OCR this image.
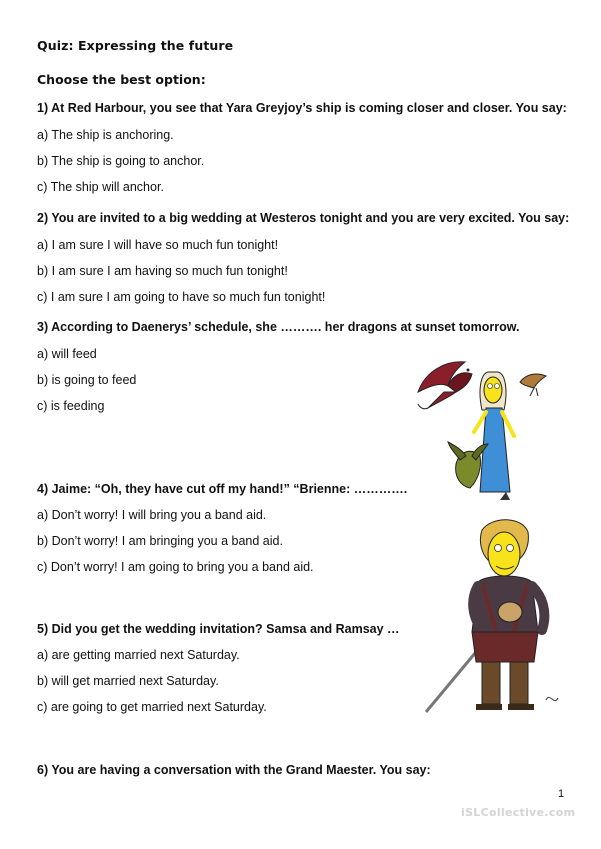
Quiz: Expressing the future
Choose the best option:
1) At Red Harbour, you see that Yara Greyjoy’s ship is coming closer and closer. You say:
a) The ship is anchoring.
b) The ship is going to anchor.
c) The ship will anchor.
2) You are invited to a big wedding at Westeros tonight and you are very excited. You say:
a) I am sure I will have so much fun tonight!
b) I am sure I am having so much fun tonight!
c) I am sure I am going to have so much fun tonight!
3) According to Daenerys’ schedule, she ………. her dragons at sunset tomorrow.
a) will feed
b) is going to feed
c) is feeding
4) Jaime: “Oh, they have cut off my hand!” “Brienne: ………….
a) Don’t worry! I will bring you a band aid.
b) Don’t worry! I am bringing you a band aid.
c) Don’t worry! I am going to bring you a band aid.
5) Did you get the wedding invitation? Samsa and Ramsay …
a) are getting married next Saturday.
b) will get married next Saturday.
c) are going to get married next Saturday.
6) You are having a conversation with the Grand Maester. You say:
1
iSLCollective.com
